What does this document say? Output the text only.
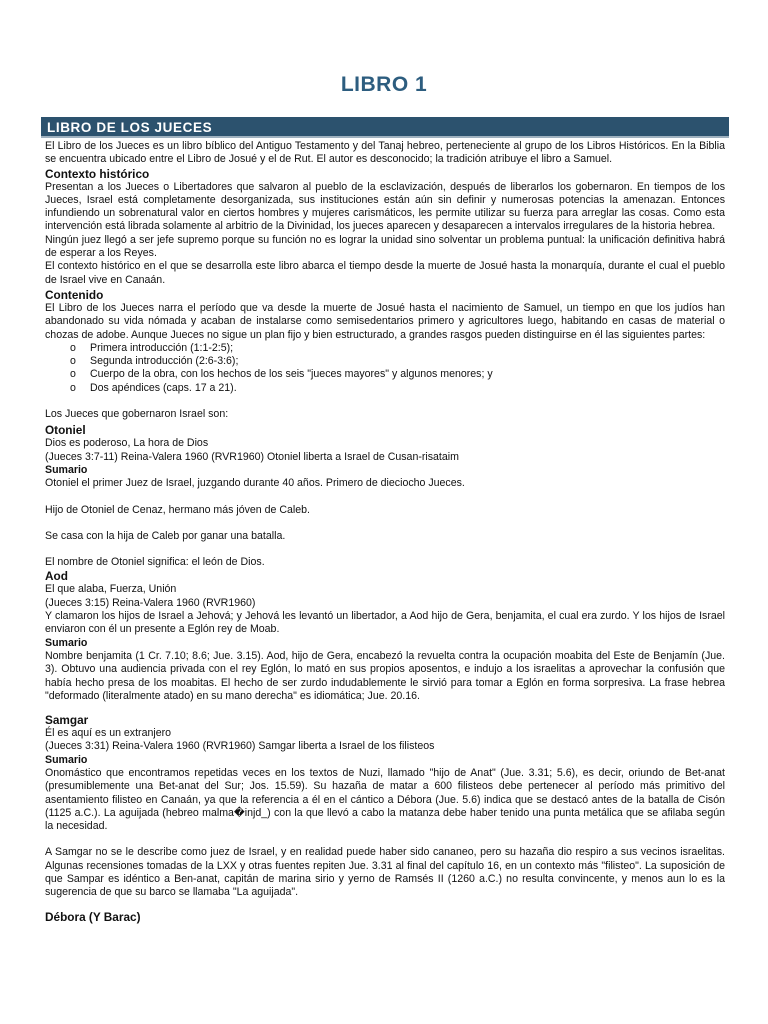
LIBRO 1
LIBRO DE LOS JUECES

El Libro de los Jueces es un libro bíblico del Antiguo Testamento y del Tanaj hebreo, perteneciente al grupo de los Libros Históricos. En la Biblia se encuentra ubicado entre el Libro de Josué y el de Rut. El autor es desconocido; la tradición atribuye el libro a Samuel.

Contexto histórico

Presentan a los Jueces o Libertadores que salvaron al pueblo de la esclavización, después de liberarlos los gobernaron. En tiempos de los Jueces, Israel está completamente desorganizada, sus instituciones están aún sin definir y numerosas potencias la amenazan. Entonces infundiendo un sobrenatural valor en ciertos hombres y mujeres carismáticos, les permite utilizar su fuerza para arreglar las cosas. Como esta intervención está librada solamente al arbitrio de la Divinidad, los jueces aparecen y desaparecen a intervalos irregulares de la historia hebrea.

Ningún juez llegó a ser jefe supremo porque su función no es lograr la unidad sino solventar un problema puntual: la unificación definitiva habrá de esperar a los Reyes.

El contexto histórico en el que se desarrolla este libro abarca el tiempo desde la muerte de Josué hasta la monarquía, durante el cual el pueblo de Israel vive en Canaán.

Contenido

El Libro de los Jueces narra el período que va desde la muerte de Josué hasta el nacimiento de Samuel, un tiempo en que los judíos han abandonado su vida nómada y acaban de instalarse como semisedentarios primero y agricultores luego, habitando en casas de material o chozas de adobe. Aunque Jueces no sigue un plan fijo y bien estructurado, a grandes rasgos pueden distinguirse en él las siguientes partes:

o Primera introducción (1:1-2:5);
o Segunda introducción (2:6-3:6);
o Cuerpo de la obra, con los hechos de los seis "jueces mayores" y algunos menores; y
o Dos apéndices (caps. 17 a 21).

Los Jueces que gobernaron Israel son:

Otoniel

Dios es poderoso, La hora de Dios

(Jueces 3:7-11) Reina-Valera 1960 (RVR1960) Otoniel liberta a Israel de Cusan-risataim

Sumario

Otoniel el primer Juez de Israel, juzgando durante 40 años. Primero de dieciocho Jueces.

Hijo de Otoniel de Cenaz, hermano más jóven de Caleb.

Se casa con la hija de Caleb por ganar una batalla.

El nombre de Otoniel significa: el león de Dios.

Aod

El que alaba, Fuerza, Unión

(Jueces 3:15) Reina-Valera 1960 (RVR1960)

Y clamaron los hijos de Israel a Jehová; y Jehová les levantó un libertador, a Aod hijo de Gera, benjamita, el cual era zurdo. Y los hijos de Israel enviaron con él un presente a Eglón rey de Moab.

Sumario

Nombre benjamita (1 Cr. 7.10; 8.6; Jue. 3.15). Aod, hijo de Gera, encabezó la revuelta contra la ocupación moabita del Este de Benjamín (Jue. 3). Obtuvo una audiencia privada con el rey Eglón, lo mató en sus propios aposentos, e indujo a los israelitas a aprovechar la confusión que había hecho presa de los moabitas. El hecho de ser zurdo indudablemente le sirvió para tomar a Eglón en forma sorpresiva. La frase hebrea "deformado (literalmente atado) en su mano derecha" es idiomática; Jue. 20.16.

Samgar

Él es aquí es un extranjero

(Jueces 3:31) Reina-Valera 1960 (RVR1960) Samgar liberta a Israel de los filisteos

Sumario

Onomástico que encontramos repetidas veces en los textos de Nuzi, llamado "hijo de Anat" (Jue. 3.31; 5.6), es decir, oriundo de Bet-anat (presumiblemente una Bet-anat del Sur; Jos. 15.59). Su hazaña de matar a 600 filisteos debe pertenecer al período más primitivo del asentamiento filisteo en Canaán, ya que la referencia a él en el cántico a Débora (Jue. 5.6) indica que se destacó antes de la batalla de Cisón (1125 a.C.). La aguijada (hebreo malma�injd_) con la que llevó a cabo la matanza debe haber tenido una punta metálica que se afilaba según la necesidad.

A Samgar no se le describe como juez de Israel, y en realidad puede haber sido cananeo, pero su hazaña dio respiro a sus vecinos israelitas. Algunas recensiones tomadas de la LXX y otras fuentes repiten Jue. 3.31 al final del capítulo 16, en un contexto más "filisteo". La suposición de que Sampar es idéntico a Ben-anat, capitán de marina sirio y yerno de Ramsés II (1260 a.C.) no resulta convincente, y menos aun lo es la sugerencia de que su barco se llamaba "La aguijada".

Débora (Y Barac)
